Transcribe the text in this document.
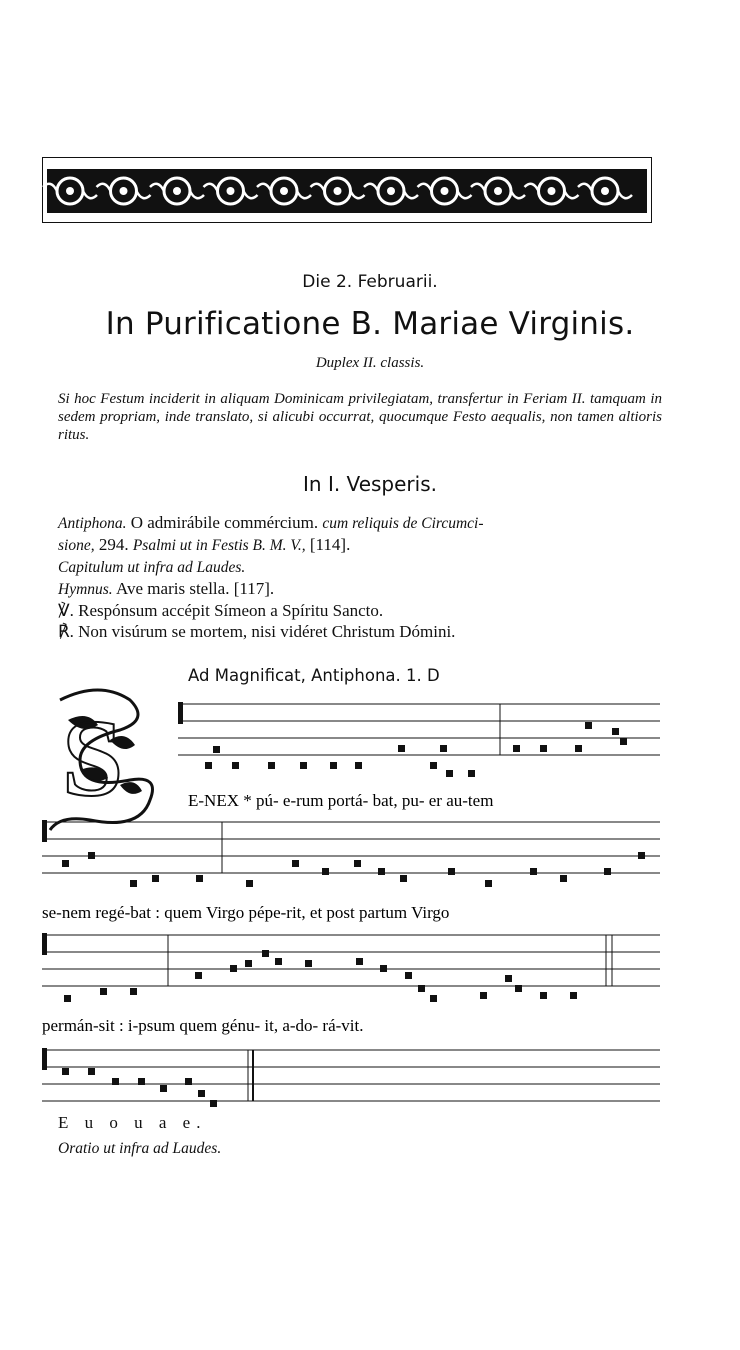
Die 2. Februarii.
In Purificatione B. Mariae Virginis.
Duplex II. classis.
Si hoc Festum inciderit in aliquam Dominicam privilegiatam, transfertur in Feriam II. tamquam in sedem propriam, inde translato, si alicubi occurrat, quocumque Festo aequalis, non tamen altioris ritus.
In I. Vesperis.
Antiphona. O admirábile commércium. cum reliquis de Circumci-
sione, 294. Psalmi ut in Festis B. M. V., [114].
Capitulum ut infra ad Laudes.
Hymnus. Ave maris stella. [117].
℣. Respónsum accépit Símeon a Spíritu Sancto.
℟. Non visúrum se mortem, nisi vidéret Christum Dómini.
Ad Magnificat, Antiphona. 1. D
S	E-NEX * pú- e-rum portá- bat, pu- er au-tem
se-nem regé-bat : quem Virgo pépe-rit, et post partum Virgo
permán-sit : i-psum quem génu- it, a-do- rá-vit.
E u o u a e.
Oratio ut infra ad Laudes.
